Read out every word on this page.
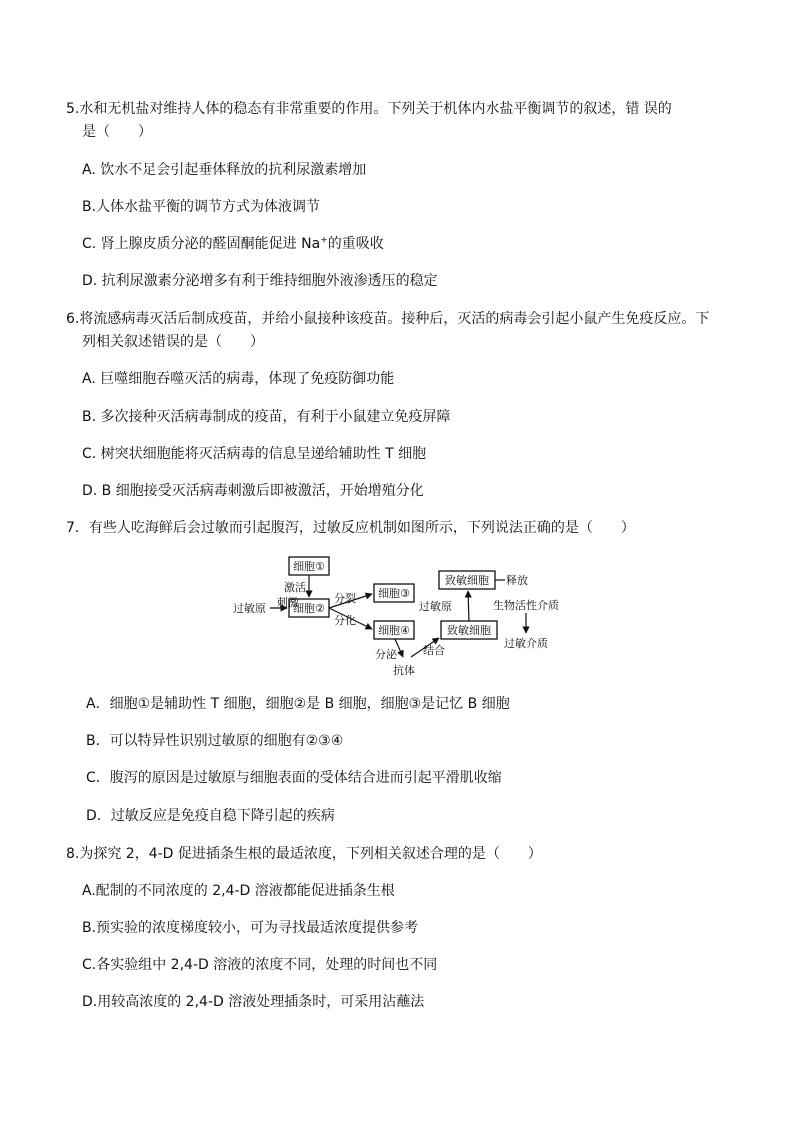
5.水和无机盐对维持人体的稳态有非常重要的作用。下列关于机体内水盐平衡调节的叙述，错 误的
是（　　）
A. 饮水不足会引起垂体释放的抗利尿激素增加
B.人体水盐平衡的调节方式为体液调节
C. 肾上腺皮质分泌的醛固酮能促进 Na+的重吸收
D. 抗利尿激素分泌增多有利于维持细胞外液渗透压的稳定
6.将流感病毒灭活后制成疫苗，并给小鼠接种该疫苗。接种后，灭活的病毒会引起小鼠产生免疫反应。下
列相关叙述错误的是（　　）
A. 巨噬细胞吞噬灭活的病毒，体现了免疫防御功能
B. 多次接种灭活病毒制成的疫苗，有利于小鼠建立免疫屏障
C. 树突状细胞能将灭活病毒的信息呈递给辅助性 T 细胞
D. B 细胞接受灭活病毒刺激后即被激活，开始增殖分化
7．有些人吃海鲜后会过敏而引起腹泻，过敏反应机制如图所示，下列说法正确的是（　　）
细胞①
细胞②
细胞③
细胞④
致敏细胞
致敏细胞
激活
刺激
过敏原
分裂
分化
过敏原
释放
生物活性介质
过敏介质
分泌 结合
抗体
A．细胞①是辅助性 T 细胞，细胞②是 B 细胞，细胞③是记忆 B 细胞
B．可以特异性识别过敏原的细胞有②③④
C．腹泻的原因是过敏原与细胞表面的受体结合进而引起平滑肌收缩
D．过敏反应是免疫自稳下降引起的疾病
8.为探究 2，4-D 促进插条生根的最适浓度，下列相关叙述合理的是（　　）
A.配制的不同浓度的 2,4-D 溶液都能促进插条生根
B.预实验的浓度梯度较小，可为寻找最适浓度提供参考
C.各实验组中 2,4-D 溶液的浓度不同，处理的时间也不同
D.用较高浓度的 2,4-D 溶液处理插条时，可采用沾蘸法
